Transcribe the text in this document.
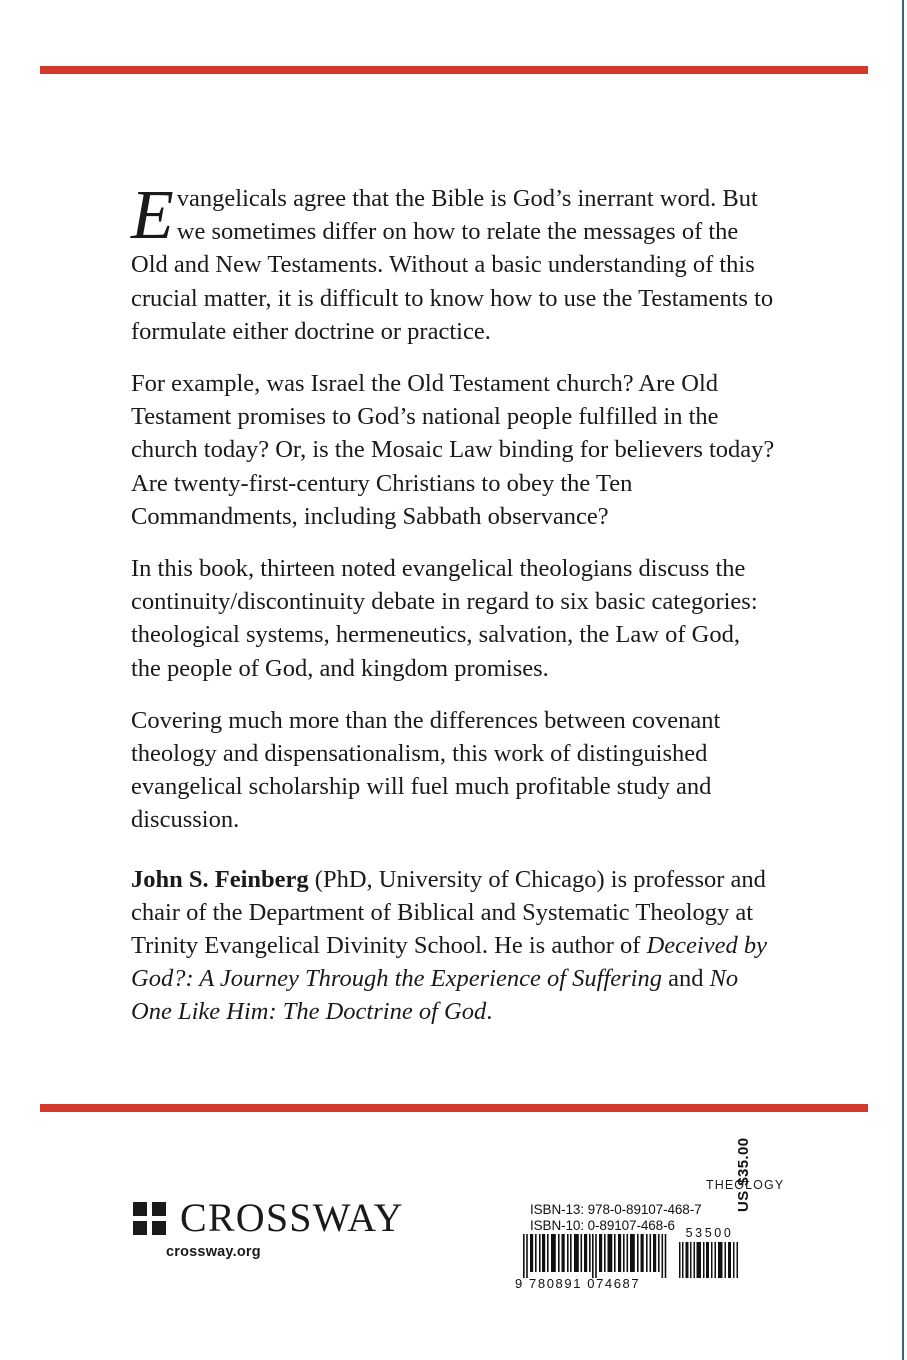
Evangelicals agree that the Bible is God’s inerrant word. But we sometimes differ on how to relate the messages of the Old and New Testaments. Without a basic understanding of this crucial matter, it is difficult to know how to use the Testaments to formulate either doctrine or practice.

For example, was Israel the Old Testament church? Are Old Testament promises to God’s national people fulfilled in the church today? Or, is the Mosaic Law binding for believers today? Are twenty-first-century Christians to obey the Ten Commandments, including Sabbath observance?

In this book, thirteen noted evangelical theologians discuss the continuity/discontinuity debate in regard to six basic categories: theological systems, hermeneutics, salvation, the Law of God, the people of God, and kingdom promises.

Covering much more than the differences between covenant theology and dispensationalism, this work of distinguished evangelical scholarship will fuel much profitable study and discussion.

John S. Feinberg (PhD, University of Chicago) is professor and chair of the Department of Biblical and Systematic Theology at Trinity Evangelical Divinity School. He is author of Deceived by God?: A Journey Through the Experience of Suffering and No One Like Him: The Doctrine of God.

CROSSWAY
crossway.org
THEOLOGY
ISBN-13: 978-0-89107-468-7
ISBN-10: 0-89107-468-6
9 780891 074687
53500
US $35.00
